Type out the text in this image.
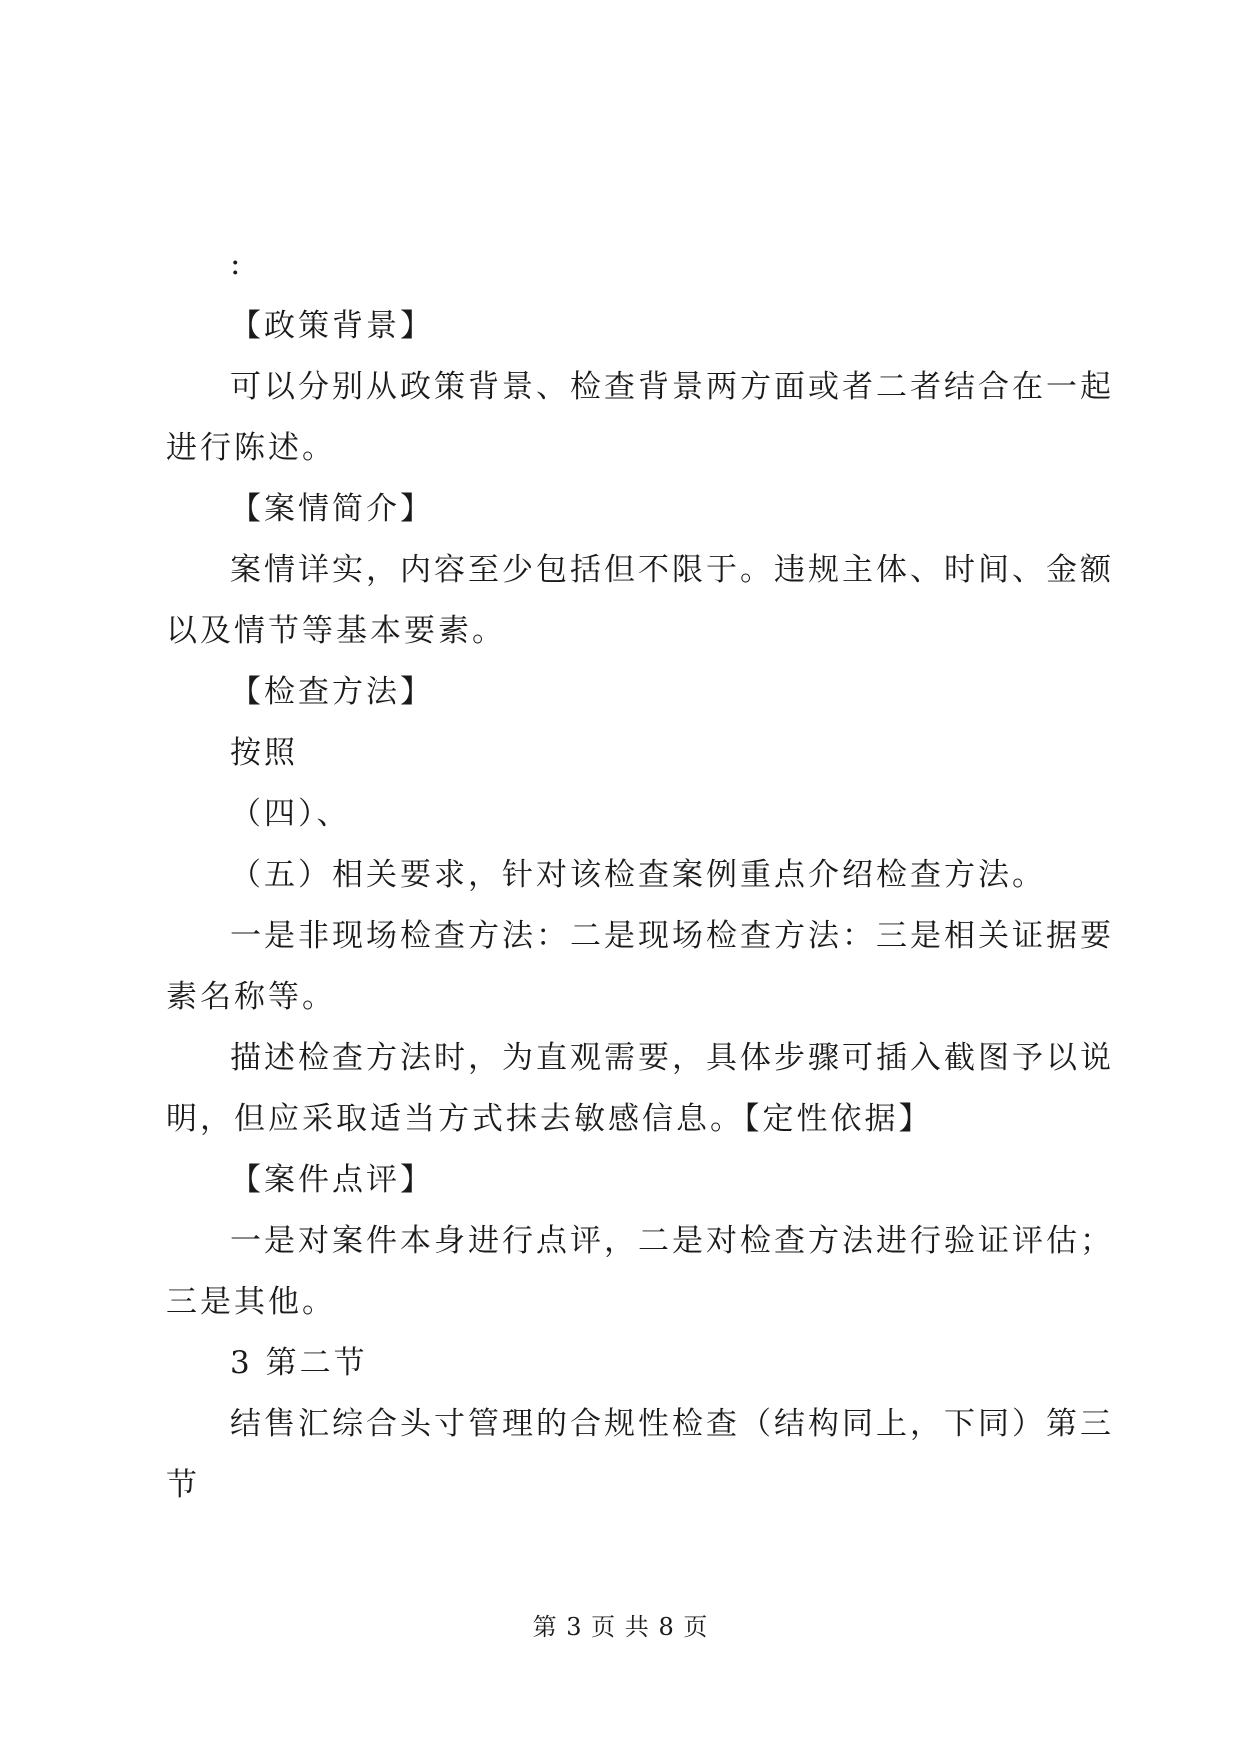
:
【政策背景】
可以分别从政策背景、检查背景两方面或者二者结合在一起
进行陈述。
【案情简介】
案情详实，内容至少包括但不限于。违规主体、时间、金额
以及情节等基本要素。
【检查方法】
按照
（四）、
（五）相关要求，针对该检查案例重点介绍检查方法。
一是非现场检查方法：二是现场检查方法：三是相关证据要
素名称等。
描述检查方法时，为直观需要，具体步骤可插入截图予以说
明，但应采取适当方式抹去敏感信息。【定性依据】
【案件点评】
一是对案件本身进行点评，二是对检查方法进行验证评估；
三是其他。
3 第二节
结售汇综合头寸管理的合规性检查（结构同上，下同）第三
节
第 3 页 共 8 页
